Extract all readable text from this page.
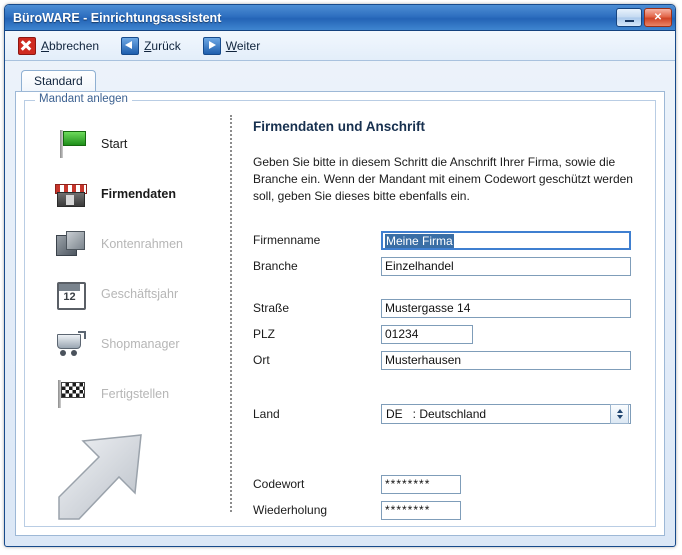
BüroWARE - Einrichtungsassistent	✕
Abbrechen	Zurück	Weiter
Standard
Mandant anlegen
Start
Firmendaten
Kontenrahmen
12	Geschäftsjahr
Shopmanager
Fertigstellen
Firmendaten und Anschrift

Geben Sie bitte in diesem Schritt die Anschrift Ihrer Firma, sowie die Branche ein. Wenn der Mandant mit einem Codewort geschützt werden soll, geben Sie dieses bitte ebenfalls ein.

Firmenname	Meine Firma
Branche	Einzelhandel
Straße	Mustergasse 14
PLZ	01234
Ort	Musterhausen
Land	DE   : Deutschland
Codewort	********
Wiederholung	********
